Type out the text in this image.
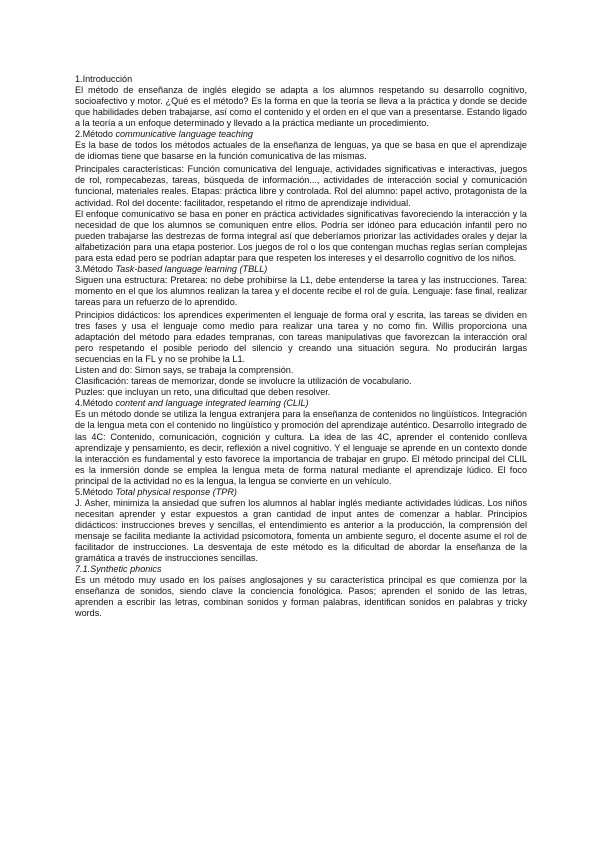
1.Introducción

El método de enseñanza de inglés elegido se adapta a los alumnos respetando su desarrollo cognitivo, socioafectivo y motor. ¿Qué es el método? Es la forma en que la teoría se lleva a la práctica y donde se decide que habilidades deben trabajarse, así como el contenido y el orden en el que van a presentarse. Estando ligado a la teoría a un enfoque determinado y llevado a la práctica mediante un procedimiento.

2.Método communicative language teaching

Es la base de todos los métodos actuales de la enseñanza de lenguas, ya que se basa en que el aprendizaje de idiomas tiene que basarse en la función comunicativa de las mismas.

Principales características: Función comunicativa del lenguaje, actividades significativas e interactivas, juegos de rol, rompecabezas, tareas, búsqueda de información..., actividades de interacción social y comunicación funcional, materiales reales. Etapas: práctica libre y controlada. Rol del alumno: papel activo, protagonista de la actividad. Rol del docente: facilitador, respetando el ritmo de aprendizaje individual.

El enfoque comunicativo se basa en poner en práctica actividades significativas favoreciendo la interacción y la necesidad de que los alumnos se comuniquen entre ellos. Podría ser idóneo para educación infantil pero no pueden trabajarse las destrezas de forma integral así que deberíamos priorizar las actividades orales y dejar la alfabetización para una etapa posterior. Los juegos de rol o los que contengan muchas reglas serían complejas para esta edad pero se podrían adaptar para que respeten los intereses y el desarrollo cognitivo de los niños.

3.Método Task-based language learning (TBLL)

Siguen una estructura: Pretarea: no debe prohibirse la L1, debe entenderse la tarea y las instrucciones. Tarea: momento en el que los alumnos realizan la tarea y el docente recibe el rol de guía. Lenguaje: fase final, realizar tareas para un refuerzo de lo aprendido.

Principios didácticos: los aprendices experimenten el lenguaje de forma oral y escrita, las tareas se dividen en tres fases y usa el lenguaje como medio para realizar una tarea y no como fin. Willis proporciona una adaptación del método para edades tempranas, con tareas manipulativas que favorezcan la interacción oral pero respetando el posible periodo del silencio y creando una situación segura. No producirán largas secuencias en la FL y no se prohibe la L1.

Listen and do: Simon says, se trabaja la comprensión.

Clasificación: tareas de memorizar, donde se involucre la utilización de vocabulario.

Puzles: que incluyan un reto, una dificultad que deben resolver.

4.Método content and language integrated learning (CLIL)

Es un método donde se utiliza la lengua extranjera para la enseñanza de contenidos no lingüísticos. Integración de la lengua meta con el contenido no lingüístico y promoción del aprendizaje auténtico. Desarrollo integrado de las 4C: Contenido, comunicación, cognición y cultura. La idea de las 4C, aprender el contenido conlleva aprendizaje y pensamiento, es decir, reflexión a nivel cognitivo. Y el lenguaje se aprende en un contexto donde la interacción es fundamental y esto favorece la importancia de trabajar en grupo. El método principal del CLIL es la inmersión donde se emplea la lengua meta de forma natural mediante el aprendizaje lúdico. El foco principal de la actividad no es la lengua, la lengua se convierte en un vehículo.

5.Método Total physical response (TPR)

J. Asher, minimiza la ansiedad que sufren los alumnos al hablar inglés mediante actividades lúdicas. Los niños necesitan aprender y estar expuestos a gran cantidad de input antes de comenzar a hablar. Principios didácticos: instrucciones breves y sencillas, el entendimiento es anterior a la producción, la comprensión del mensaje se facilita mediante la actividad psicomotora, fomenta un ambiente seguro, el docente asume el rol de facilitador de instrucciones. La desventaja de este método es la dificultad de abordar la enseñanza de la gramática a través de instrucciones sencillas.

7.1.Synthetic phonics

Es un método muy usado en los países anglosajones y su característica principal es que comienza por la enseñanza de sonidos, siendo clave la conciencia fonológica. Pasos; aprenden el sonido de las letras, aprenden a escribir las letras, combinan sonidos y forman palabras, identifican sonidos en palabras y tricky words.
